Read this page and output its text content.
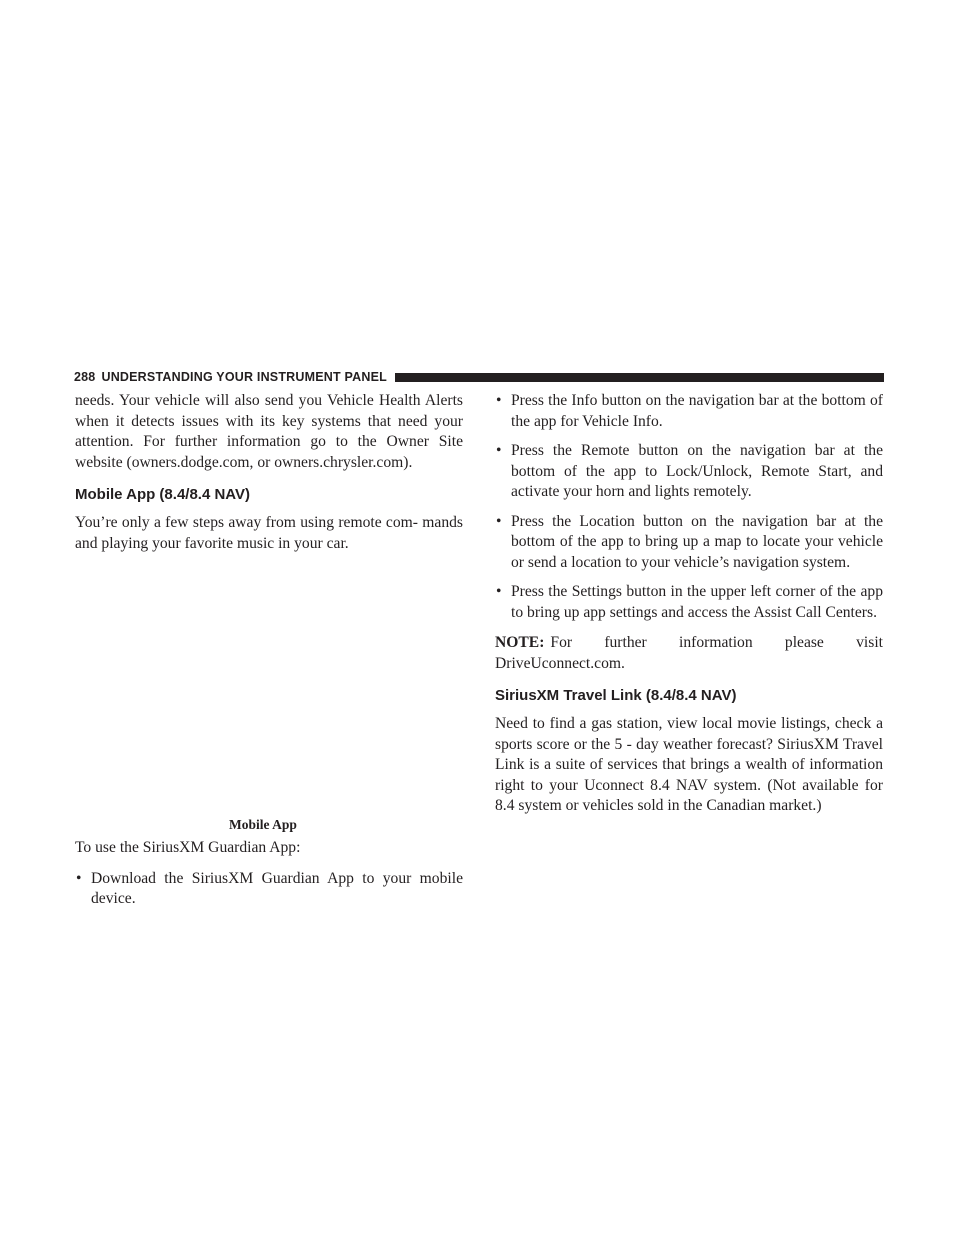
288 UNDERSTANDING YOUR INSTRUMENT PANEL

needs. Your vehicle will also send you Vehicle Health Alerts when it detects issues with its key systems that need your attention. For further information go to the Owner Site website (owners.dodge.com, or owners.chrysler.com).

Mobile App (8.4/8.4 NAV)

You’re only a few steps away from using remote com- mands and playing your favorite music in your car.

Mobile App

To use the SiriusXM Guardian App:

• Download the SiriusXM Guardian App to your mobile device.
• Press the Info button on the navigation bar at the bottom of the app for Vehicle Info.
• Press the Remote button on the navigation bar at the bottom of the app to Lock/Unlock, Remote Start, and activate your horn and lights remotely.
• Press the Location button on the navigation bar at the bottom of the app to bring up a map to locate your vehicle or send a location to your vehicle’s navigation system.
• Press the Settings button in the upper left corner of the app to bring up app settings and access the Assist Call Centers.

NOTE: For further information please visit DriveUconnect.com.

SiriusXM Travel Link (8.4/8.4 NAV)

Need to find a gas station, view local movie listings, check a sports score or the 5 - day weather forecast? SiriusXM Travel Link is a suite of services that brings a wealth of information right to your Uconnect 8.4 NAV system. (Not available for 8.4 system or vehicles sold in the Canadian market.)
